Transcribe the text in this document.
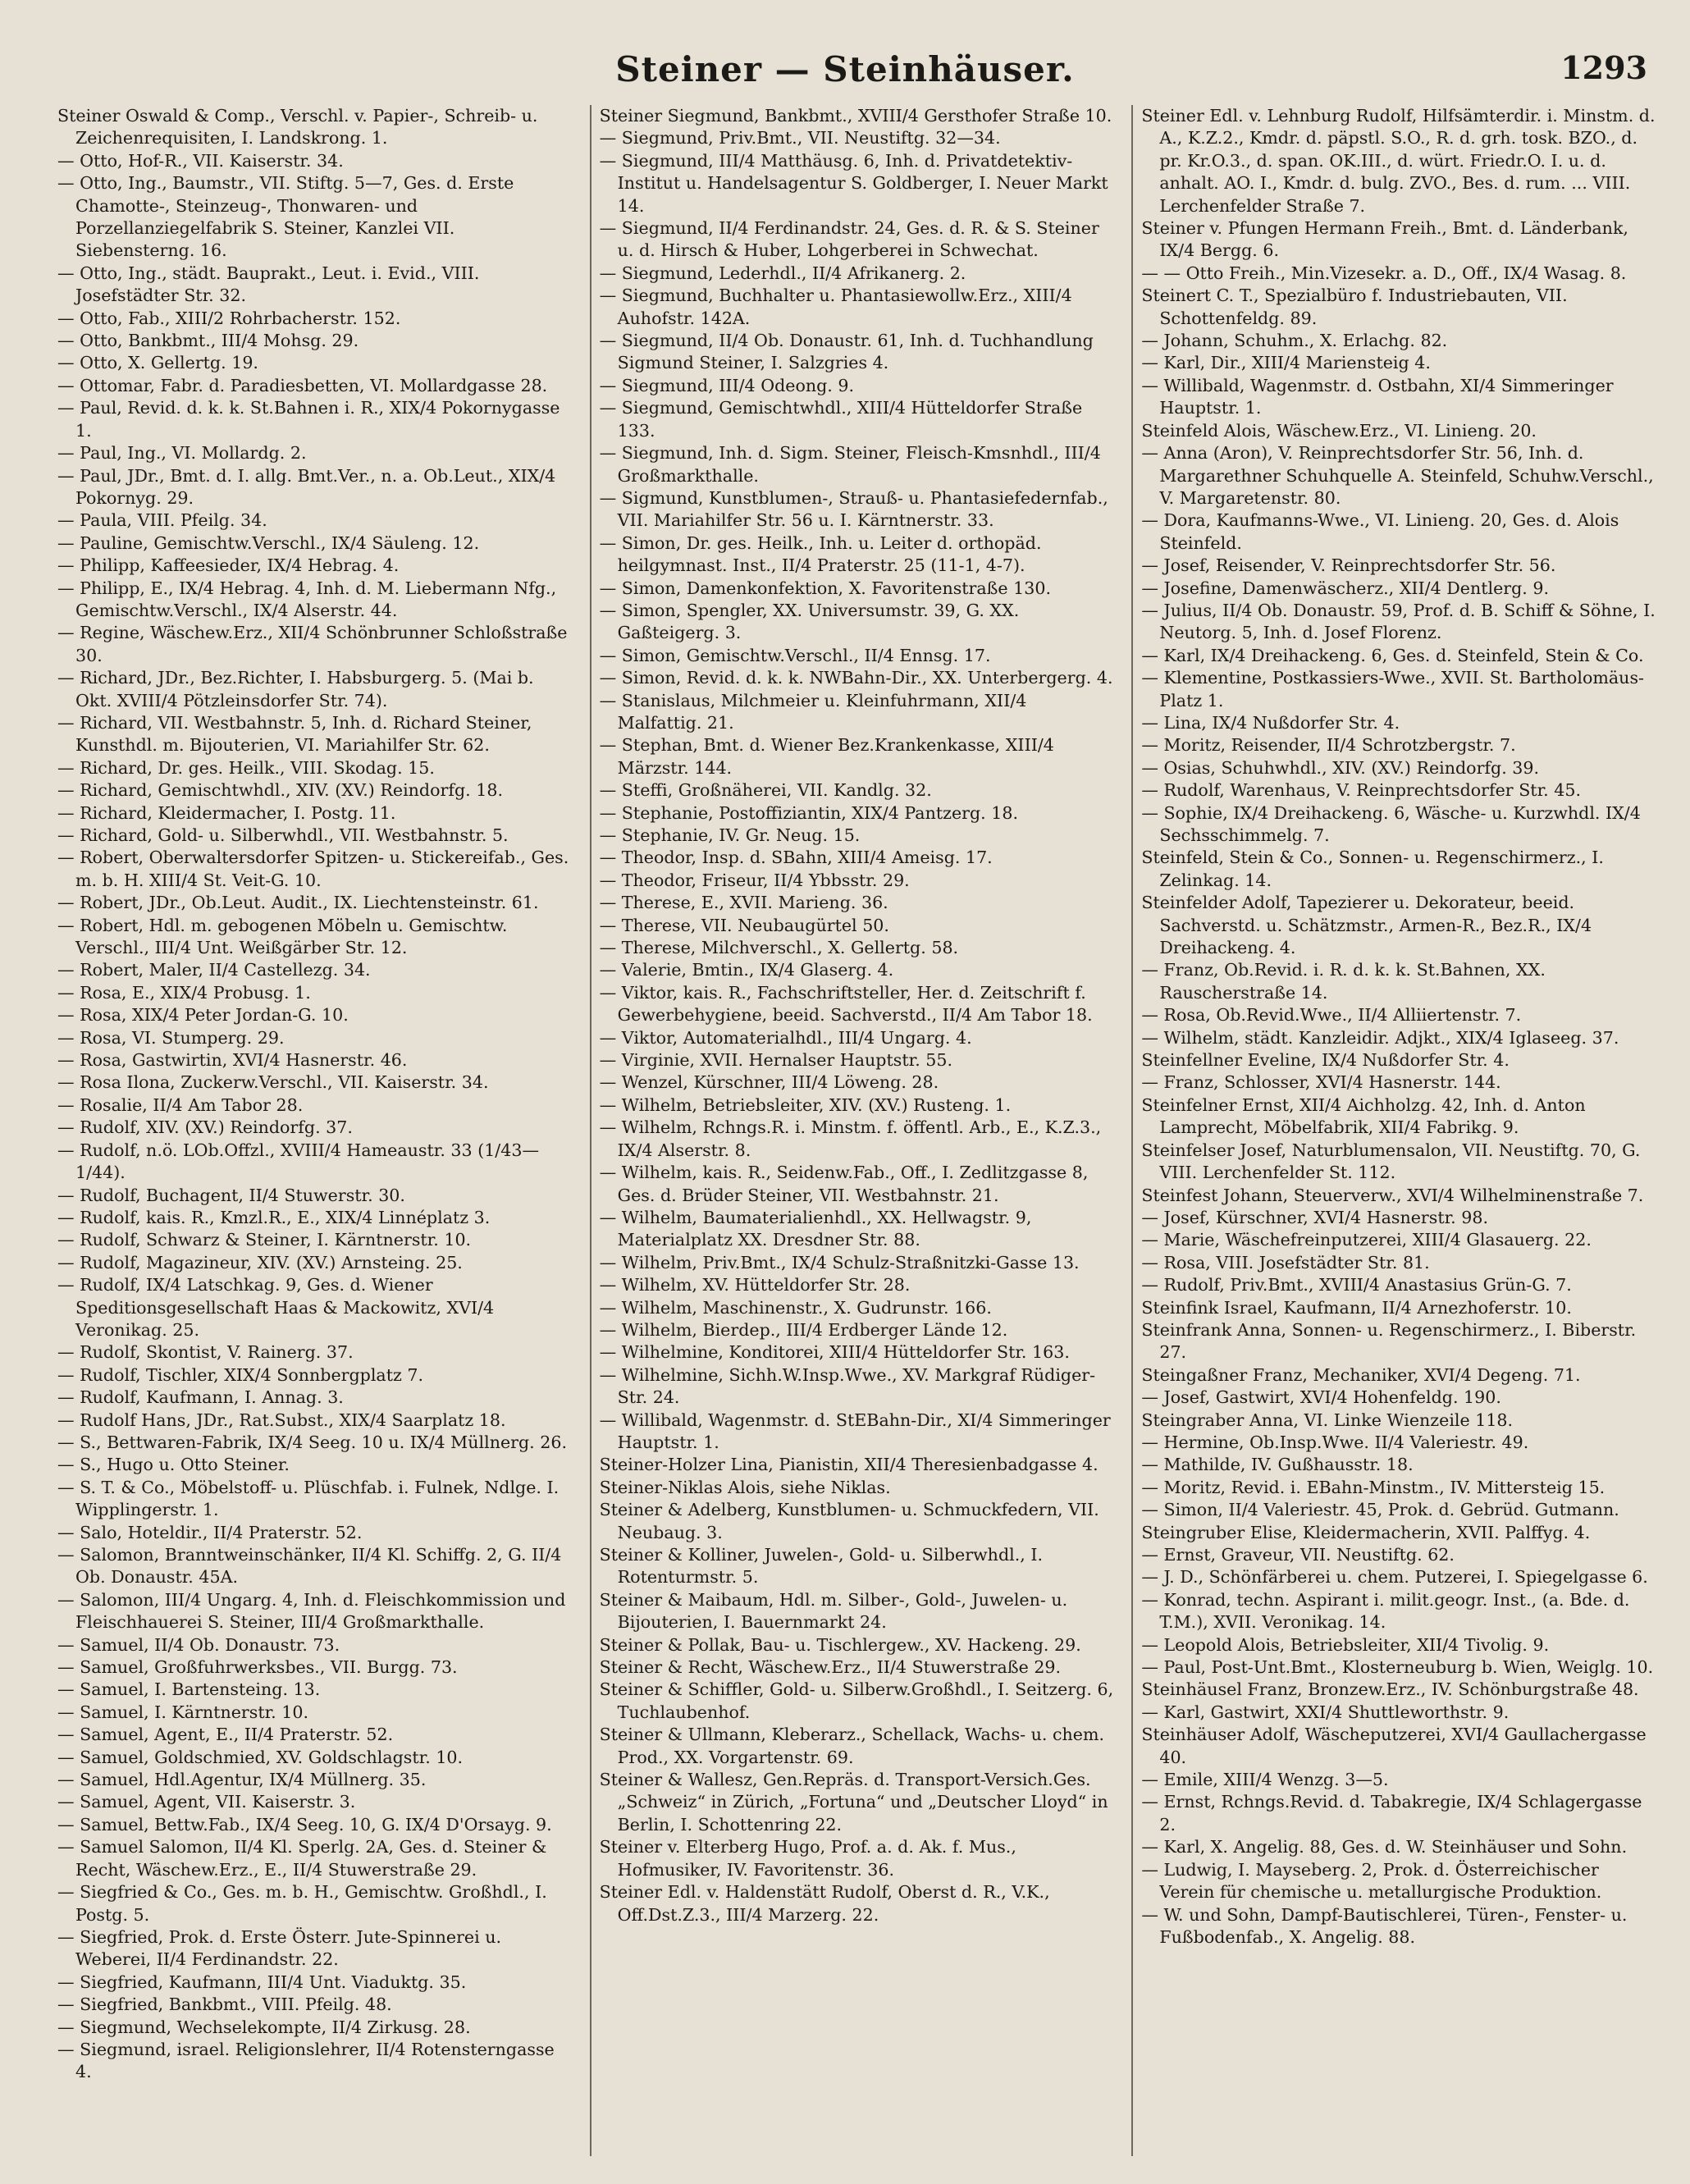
Steiner — Steinhäuser.	1293
Steiner Oswald & Comp., Verschl. v. Papier-, Schreib- u. Zeichenrequisiten, I. Landskrong. 1.
— Otto, Hof-R., VII. Kaiserstr. 34.
— Otto, Ing., Baumstr., VII. Stiftg. 5—7, Ges. d. Erste Chamotte-, Steinzeug-, Thonwaren- und Porzellanziegelfabrik S. Steiner, Kanzlei VII. Siebensterng. 16.
— Otto, Ing., städt. Bauprakt., Leut. i. Evid., VIII. Josefstädter Str. 32.
— Otto, Fab., XIII/2 Rohrbacherstr. 152.
— Otto, Bankbmt., III/4 Mohsg. 29.
— Otto, X. Gellertg. 19.
— Ottomar, Fabr. d. Paradiesbetten, VI. Mollardgasse 28.
— Paul, Revid. d. k. k. St.Bahnen i. R., XIX/4 Pokornygasse 1.
— Paul, Ing., VI. Mollardg. 2.
— Paul, JDr., Bmt. d. I. allg. Bmt.Ver., n. a. Ob.Leut., XIX/4 Pokornyg. 29.
— Paula, VIII. Pfeilg. 34.
— Pauline, Gemischtw.Verschl., IX/4 Säuleng. 12.
— Philipp, Kaffeesieder, IX/4 Hebrag. 4.
— Philipp, E., IX/4 Hebrag. 4, Inh. d. M. Liebermann Nfg., Gemischtw.Verschl., IX/4 Alserstr. 44.
— Regine, Wäschew.Erz., XII/4 Schönbrunner Schloßstraße 30.
— Richard, JDr., Bez.Richter, I. Habsburgerg. 5. (Mai b. Okt. XVIII/4 Pötzleinsdorfer Str. 74).
— Richard, VII. Westbahnstr. 5, Inh. d. Richard Steiner, Kunsthdl. m. Bijouterien, VI. Mariahilfer Str. 62.
— Richard, Dr. ges. Heilk., VIII. Skodag. 15.
— Richard, Gemischtwhdl., XIV. (XV.) Reindorfg. 18.
— Richard, Kleidermacher, I. Postg. 11.
— Richard, Gold- u. Silberwhdl., VII. Westbahnstr. 5.
— Robert, Oberwaltersdorfer Spitzen- u. Stickereifab., Ges. m. b. H. XIII/4 St. Veit-G. 10.
— Robert, JDr., Ob.Leut. Audit., IX. Liechtensteinstr. 61.
— Robert, Hdl. m. gebogenen Möbeln u. Gemischtw. Verschl., III/4 Unt. Weißgärber Str. 12.
— Robert, Maler, II/4 Castellezg. 34.
— Rosa, E., XIX/4 Probusg. 1.
— Rosa, XIX/4 Peter Jordan-G. 10.
— Rosa, VI. Stumperg. 29.
— Rosa, Gastwirtin, XVI/4 Hasnerstr. 46.
— Rosa Ilona, Zuckerw.Verschl., VII. Kaiserstr. 34.
— Rosalie, II/4 Am Tabor 28.
— Rudolf, XIV. (XV.) Reindorfg. 37.
— Rudolf, n.ö. LOb.Offzl., XVIII/4 Hameaustr. 33 (1/43—1/44).
— Rudolf, Buchagent, II/4 Stuwerstr. 30.
— Rudolf, kais. R., Kmzl.R., E., XIX/4 Linnéplatz 3.
— Rudolf, Schwarz & Steiner, I. Kärntnerstr. 10.
— Rudolf, Magazineur, XIV. (XV.) Arnsteing. 25.
— Rudolf, IX/4 Latschkag. 9, Ges. d. Wiener Speditionsgesellschaft Haas & Mackowitz, XVI/4 Veronikag. 25.
— Rudolf, Skontist, V. Rainerg. 37.
— Rudolf, Tischler, XIX/4 Sonnbergplatz 7.
— Rudolf, Kaufmann, I. Annag. 3.
— Rudolf Hans, JDr., Rat.Subst., XIX/4 Saarplatz 18.
— S., Bettwaren-Fabrik, IX/4 Seeg. 10 u. IX/4 Müllnerg. 26.
— S., Hugo u. Otto Steiner.
— S. T. & Co., Möbelstoff- u. Plüschfab. i. Fulnek, Ndlge. I. Wipplingerstr. 1.
— Salo, Hoteldir., II/4 Praterstr. 52.
— Salomon, Branntweinschänker, II/4 Kl. Schiffg. 2, G. II/4 Ob. Donaustr. 45A.
— Salomon, III/4 Ungarg. 4, Inh. d. Fleischkommission und Fleischhauerei S. Steiner, III/4 Großmarkthalle.
— Samuel, II/4 Ob. Donaustr. 73.
— Samuel, Großfuhrwerksbes., VII. Burgg. 73.
— Samuel, I. Bartensteing. 13.
— Samuel, I. Kärntnerstr. 10.
— Samuel, Agent, E., II/4 Praterstr. 52.
— Samuel, Goldschmied, XV. Goldschlagstr. 10.
— Samuel, Hdl.Agentur, IX/4 Müllnerg. 35.
— Samuel, Agent, VII. Kaiserstr. 3.
— Samuel, Bettw.Fab., IX/4 Seeg. 10, G. IX/4 D'Orsayg. 9.
— Samuel Salomon, II/4 Kl. Sperlg. 2A, Ges. d. Steiner & Recht, Wäschew.Erz., E., II/4 Stuwerstraße 29.
— Siegfried & Co., Ges. m. b. H., Gemischtw. Großhdl., I. Postg. 5.
— Siegfried, Prok. d. Erste Österr. Jute-Spinnerei u. Weberei, II/4 Ferdinandstr. 22.
— Siegfried, Kaufmann, III/4 Unt. Viaduktg. 35.
— Siegfried, Bankbmt., VIII. Pfeilg. 48.
— Siegmund, Wechselekompte, II/4 Zirkusg. 28.
— Siegmund, israel. Religionslehrer, II/4 Rotensterngasse 4.
Steiner Siegmund, Bankbmt., XVIII/4 Gersthofer Straße 10.
— Siegmund, Priv.Bmt., VII. Neustiftg. 32—34.
— Siegmund, III/4 Matthäusg. 6, Inh. d. Privatdetektiv-Institut u. Handelsagentur S. Goldberger, I. Neuer Markt 14.
— Siegmund, II/4 Ferdinandstr. 24, Ges. d. R. & S. Steiner u. d. Hirsch & Huber, Lohgerberei in Schwechat.
— Siegmund, Lederhdl., II/4 Afrikanerg. 2.
— Siegmund, Buchhalter u. Phantasiewollw.Erz., XIII/4 Auhofstr. 142A.
— Siegmund, II/4 Ob. Donaustr. 61, Inh. d. Tuchhandlung Sigmund Steiner, I. Salzgries 4.
— Siegmund, III/4 Odeong. 9.
— Siegmund, Gemischtwhdl., XIII/4 Hütteldorfer Straße 133.
— Siegmund, Inh. d. Sigm. Steiner, Fleisch-Kmsnhdl., III/4 Großmarkthalle.
— Sigmund, Kunstblumen-, Strauß- u. Phantasiefedernfab., VII. Mariahilfer Str. 56 u. I. Kärntnerstr. 33.
— Simon, Dr. ges. Heilk., Inh. u. Leiter d. orthopäd. heilgymnast. Inst., II/4 Praterstr. 25 (11-1, 4-7).
— Simon, Damenkonfektion, X. Favoritenstraße 130.
— Simon, Spengler, XX. Universumstr. 39, G. XX. Gaßteigerg. 3.
— Simon, Gemischtw.Verschl., II/4 Ennsg. 17.
— Simon, Revid. d. k. k. NWBahn-Dir., XX. Unterbergerg. 4.
— Stanislaus, Milchmeier u. Kleinfuhrmann, XII/4 Malfattig. 21.
— Stephan, Bmt. d. Wiener Bez.Krankenkasse, XIII/4 Märzstr. 144.
— Steffi, Großnäherei, VII. Kandlg. 32.
— Stephanie, Postoffiziantin, XIX/4 Pantzerg. 18.
— Stephanie, IV. Gr. Neug. 15.
— Theodor, Insp. d. SBahn, XIII/4 Ameisg. 17.
— Theodor, Friseur, II/4 Ybbsstr. 29.
— Therese, E., XVII. Marieng. 36.
— Therese, VII. Neubaugürtel 50.
— Therese, Milchverschl., X. Gellertg. 58.
— Valerie, Bmtin., IX/4 Glaserg. 4.
— Viktor, kais. R., Fachschriftsteller, Her. d. Zeitschrift f. Gewerbehygiene, beeid. Sachverstd., II/4 Am Tabor 18.
— Viktor, Automaterialhdl., III/4 Ungarg. 4.
— Virginie, XVII. Hernalser Hauptstr. 55.
— Wenzel, Kürschner, III/4 Löweng. 28.
— Wilhelm, Betriebsleiter, XIV. (XV.) Rusteng. 1.
— Wilhelm, Rchngs.R. i. Minstm. f. öffentl. Arb., E., K.Z.3., IX/4 Alserstr. 8.
— Wilhelm, kais. R., Seidenw.Fab., Off., I. Zedlitzgasse 8, Ges. d. Brüder Steiner, VII. Westbahnstr. 21.
— Wilhelm, Baumaterialienhdl., XX. Hellwagstr. 9, Materialplatz XX. Dresdner Str. 88.
— Wilhelm, Priv.Bmt., IX/4 Schulz-Straßnitzki-Gasse 13.
— Wilhelm, XV. Hütteldorfer Str. 28.
— Wilhelm, Maschinenstr., X. Gudrunstr. 166.
— Wilhelm, Bierdep., III/4 Erdberger Lände 12.
— Wilhelmine, Konditorei, XIII/4 Hütteldorfer Str. 163.
— Wilhelmine, Sichh.W.Insp.Wwe., XV. Markgraf Rüdiger-Str. 24.
— Willibald, Wagenmstr. d. StEBahn-Dir., XI/4 Simmeringer Hauptstr. 1.
Steiner-Holzer Lina, Pianistin, XII/4 Theresienbadgasse 4.
Steiner-Niklas Alois, siehe Niklas.
Steiner & Adelberg, Kunstblumen- u. Schmuckfedern, VII. Neubaug. 3.
Steiner & Kolliner, Juwelen-, Gold- u. Silberwhdl., I. Rotenturmstr. 5.
Steiner & Maibaum, Hdl. m. Silber-, Gold-, Juwelen- u. Bijouterien, I. Bauernmarkt 24.
Steiner & Pollak, Bau- u. Tischlergew., XV. Hackeng. 29.
Steiner & Recht, Wäschew.Erz., II/4 Stuwerstraße 29.
Steiner & Schiffler, Gold- u. Silberw.Großhdl., I. Seitzerg. 6, Tuchlaubenhof.
Steiner & Ullmann, Kleberarz., Schellack, Wachs- u. chem. Prod., XX. Vorgartenstr. 69.
Steiner & Wallesz, Gen.Repräs. d. Transport-Versich.Ges. „Schweiz“ in Zürich, „Fortuna“ und „Deutscher Lloyd“ in Berlin, I. Schottenring 22.
Steiner v. Elterberg Hugo, Prof. a. d. Ak. f. Mus., Hofmusiker, IV. Favoritenstr. 36.
Steiner Edl. v. Haldenstätt Rudolf, Oberst d. R., V.K., Off.Dst.Z.3., III/4 Marzerg. 22.
Steiner Edl. v. Lehnburg Rudolf, Hilfsämterdir. i. Minstm. d. A., K.Z.2., Kmdr. d. päpstl. S.O., R. d. grh. tosk. BZO., d. pr. Kr.O.3., d. span. OK.III., d. würt. Friedr.O. I. u. d. anhalt. AO. I., Kmdr. d. bulg. ZVO., Bes. d. rum. ... VIII. Lerchenfelder Straße 7.
Steiner v. Pfungen Hermann Freih., Bmt. d. Länderbank, IX/4 Bergg. 6.
— — Otto Freih., Min.Vizesekr. a. D., Off., IX/4 Wasag. 8.
Steinert C. T., Spezialbüro f. Industriebauten, VII. Schottenfeldg. 89.
— Johann, Schuhm., X. Erlachg. 82.
— Karl, Dir., XIII/4 Mariensteig 4.
— Willibald, Wagenmstr. d. Ostbahn, XI/4 Simmeringer Hauptstr. 1.
Steinfeld Alois, Wäschew.Erz., VI. Linieng. 20.
— Anna (Aron), V. Reinprechtsdorfer Str. 56, Inh. d. Margarethner Schuhquelle A. Steinfeld, Schuhw.Verschl., V. Margaretenstr. 80.
— Dora, Kaufmanns-Wwe., VI. Linieng. 20, Ges. d. Alois Steinfeld.
— Josef, Reisender, V. Reinprechtsdorfer Str. 56.
— Josefine, Damenwäscherz., XII/4 Dentlerg. 9.
— Julius, II/4 Ob. Donaustr. 59, Prof. d. B. Schiff & Söhne, I. Neutorg. 5, Inh. d. Josef Florenz.
— Karl, IX/4 Dreihackeng. 6, Ges. d. Steinfeld, Stein & Co.
— Klementine, Postkassiers-Wwe., XVII. St. Bartholomäus-Platz 1.
— Lina, IX/4 Nußdorfer Str. 4.
— Moritz, Reisender, II/4 Schrotzbergstr. 7.
— Osias, Schuhwhdl., XIV. (XV.) Reindorfg. 39.
— Rudolf, Warenhaus, V. Reinprechtsdorfer Str. 45.
— Sophie, IX/4 Dreihackeng. 6, Wäsche- u. Kurzwhdl. IX/4 Sechsschimmelg. 7.
Steinfeld, Stein & Co., Sonnen- u. Regenschirmerz., I. Zelinkag. 14.
Steinfelder Adolf, Tapezierer u. Dekorateur, beeid. Sachverstd. u. Schätzmstr., Armen-R., Bez.R., IX/4 Dreihackeng. 4.
— Franz, Ob.Revid. i. R. d. k. k. St.Bahnen, XX. Rauscherstraße 14.
— Rosa, Ob.Revid.Wwe., II/4 Alliiertenstr. 7.
— Wilhelm, städt. Kanzleidir. Adjkt., XIX/4 Iglaseeg. 37.
Steinfellner Eveline, IX/4 Nußdorfer Str. 4.
— Franz, Schlosser, XVI/4 Hasnerstr. 144.
Steinfelner Ernst, XII/4 Aichholzg. 42, Inh. d. Anton Lamprecht, Möbelfabrik, XII/4 Fabrikg. 9.
Steinfelser Josef, Naturblumensalon, VII. Neustiftg. 70, G. VIII. Lerchenfelder St. 112.
Steinfest Johann, Steuerverw., XVI/4 Wilhelminenstraße 7.
— Josef, Kürschner, XVI/4 Hasnerstr. 98.
— Marie, Wäschefreinputzerei, XIII/4 Glasauerg. 22.
— Rosa, VIII. Josefstädter Str. 81.
— Rudolf, Priv.Bmt., XVIII/4 Anastasius Grün-G. 7.
Steinfink Israel, Kaufmann, II/4 Arnezhoferstr. 10.
Steinfrank Anna, Sonnen- u. Regenschirmerz., I. Biberstr. 27.
Steingaßner Franz, Mechaniker, XVI/4 Degeng. 71.
— Josef, Gastwirt, XVI/4 Hohenfeldg. 190.
Steingraber Anna, VI. Linke Wienzeile 118.
— Hermine, Ob.Insp.Wwe. II/4 Valeriestr. 49.
— Mathilde, IV. Gußhausstr. 18.
— Moritz, Revid. i. EBahn-Minstm., IV. Mittersteig 15.
— Simon, II/4 Valeriestr. 45, Prok. d. Gebrüd. Gutmann.
Steingruber Elise, Kleidermacherin, XVII. Palffyg. 4.
— Ernst, Graveur, VII. Neustiftg. 62.
— J. D., Schönfärberei u. chem. Putzerei, I. Spiegelgasse 6.
— Konrad, techn. Aspirant i. milit.geogr. Inst., (a. Bde. d. T.M.), XVII. Veronikag. 14.
— Leopold Alois, Betriebsleiter, XII/4 Tivolig. 9.
— Paul, Post-Unt.Bmt., Klosterneuburg b. Wien, Weiglg. 10.
Steinhäusel Franz, Bronzew.Erz., IV. Schönburgstraße 48.
— Karl, Gastwirt, XXI/4 Shuttleworthstr. 9.
Steinhäuser Adolf, Wäscheputzerei, XVI/4 Gaullachergasse 40.
— Emile, XIII/4 Wenzg. 3—5.
— Ernst, Rchngs.Revid. d. Tabakregie, IX/4 Schlagergasse 2.
— Karl, X. Angelig. 88, Ges. d. W. Steinhäuser und Sohn.
— Ludwig, I. Mayseberg. 2, Prok. d. Österreichischer Verein für chemische u. metallurgische Produktion.
— W. und Sohn, Dampf-Bautischlerei, Türen-, Fenster- u. Fußbodenfab., X. Angelig. 88.
